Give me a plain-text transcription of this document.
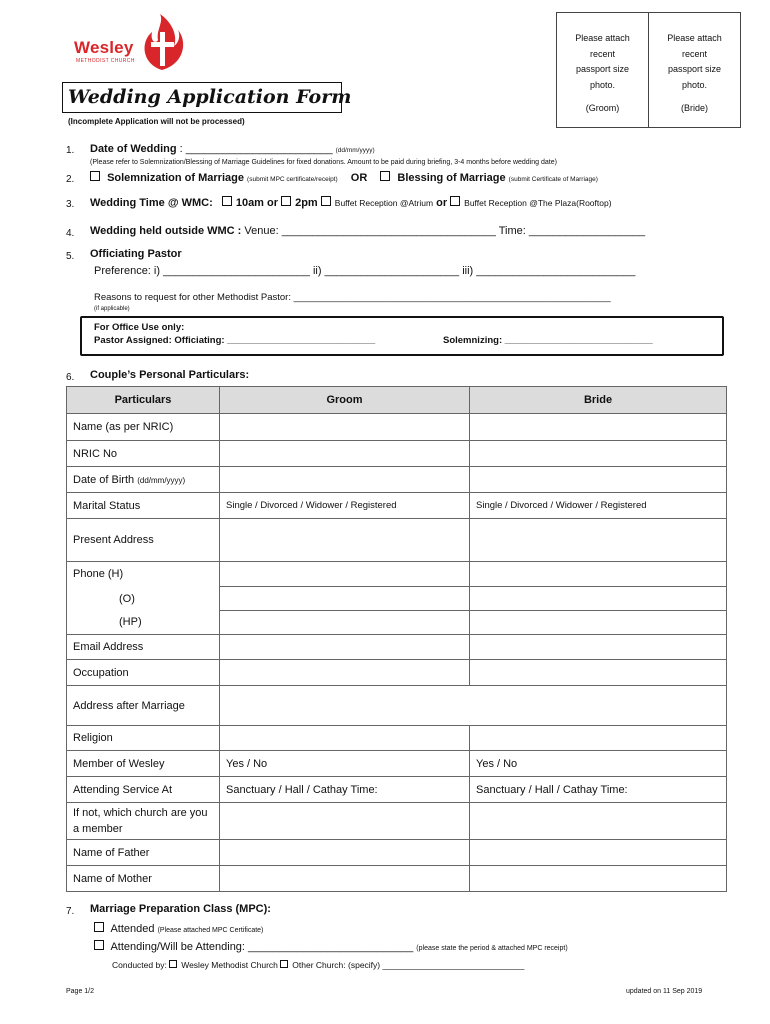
Wesley
METHODIST CHURCH
Wedding Application Form
(Incomplete Application will not be processed)
Please attach
recent
passport size
photo.
(Groom)
Please attach
recent
passport size
photo.
(Bride)
1. Date of Wedding : ________________________ (dd/mm/yyyy)
(Please refer to Solemnization/Blessing of Marriage Guidelines for fixed donations. Amount to be paid during briefing, 3-4 months before wedding date)
2.	Solemnization of Marriage (submit MPC certificate/receipt) OR	Blessing of Marriage (submit Certificate of Marriage)
3. Wedding Time @ WMC: 10am or 2pm Buffet Reception @Atrium or Buffet Reception @The Plaza(Rooftop)
4. Wedding held outside WMC : Venue: ___________________________________ Time: ___________________
5. Officiating Pastor
Preference: i) ________________________ ii) ______________________ iii) __________________________
Reasons to request for other Methodist Pastor: ____________________________________________________________
(if applicable)
For Office Use only:
Pastor Assigned: Officiating: ____________________________	Solemnizing: ____________________________
6. Couple’s Personal Particulars:
Particulars	Groom	Bride
Name (as per NRIC)		
NRIC No		
Date of Birth (dd/mm/yyyy)		
Marital Status	Single / Divorced / Widower / Registered	Single / Divorced / Widower / Registered
Present Address		
Phone (H)		
(O)		
(HP)		
Email Address		
Occupation		
Address after Marriage		
Religion		
Member of Wesley	Yes / No	Yes / No
Attending Service At	Sanctuary / Hall / Cathay Time:	Sanctuary / Hall / Cathay Time:
If not, which church are you a member		
Name of Father		
Name of Mother		
7. Marriage Preparation Class (MPC):
Attended (Please attached MPC Certificate)
Attending/Will be Attending: ___________________________ (please state the period & attached MPC receipt)
Conducted by: Wesley Methodist Church Other Church: (specify) ______________________________
Page 1/2	updated on 11 Sep 2019
